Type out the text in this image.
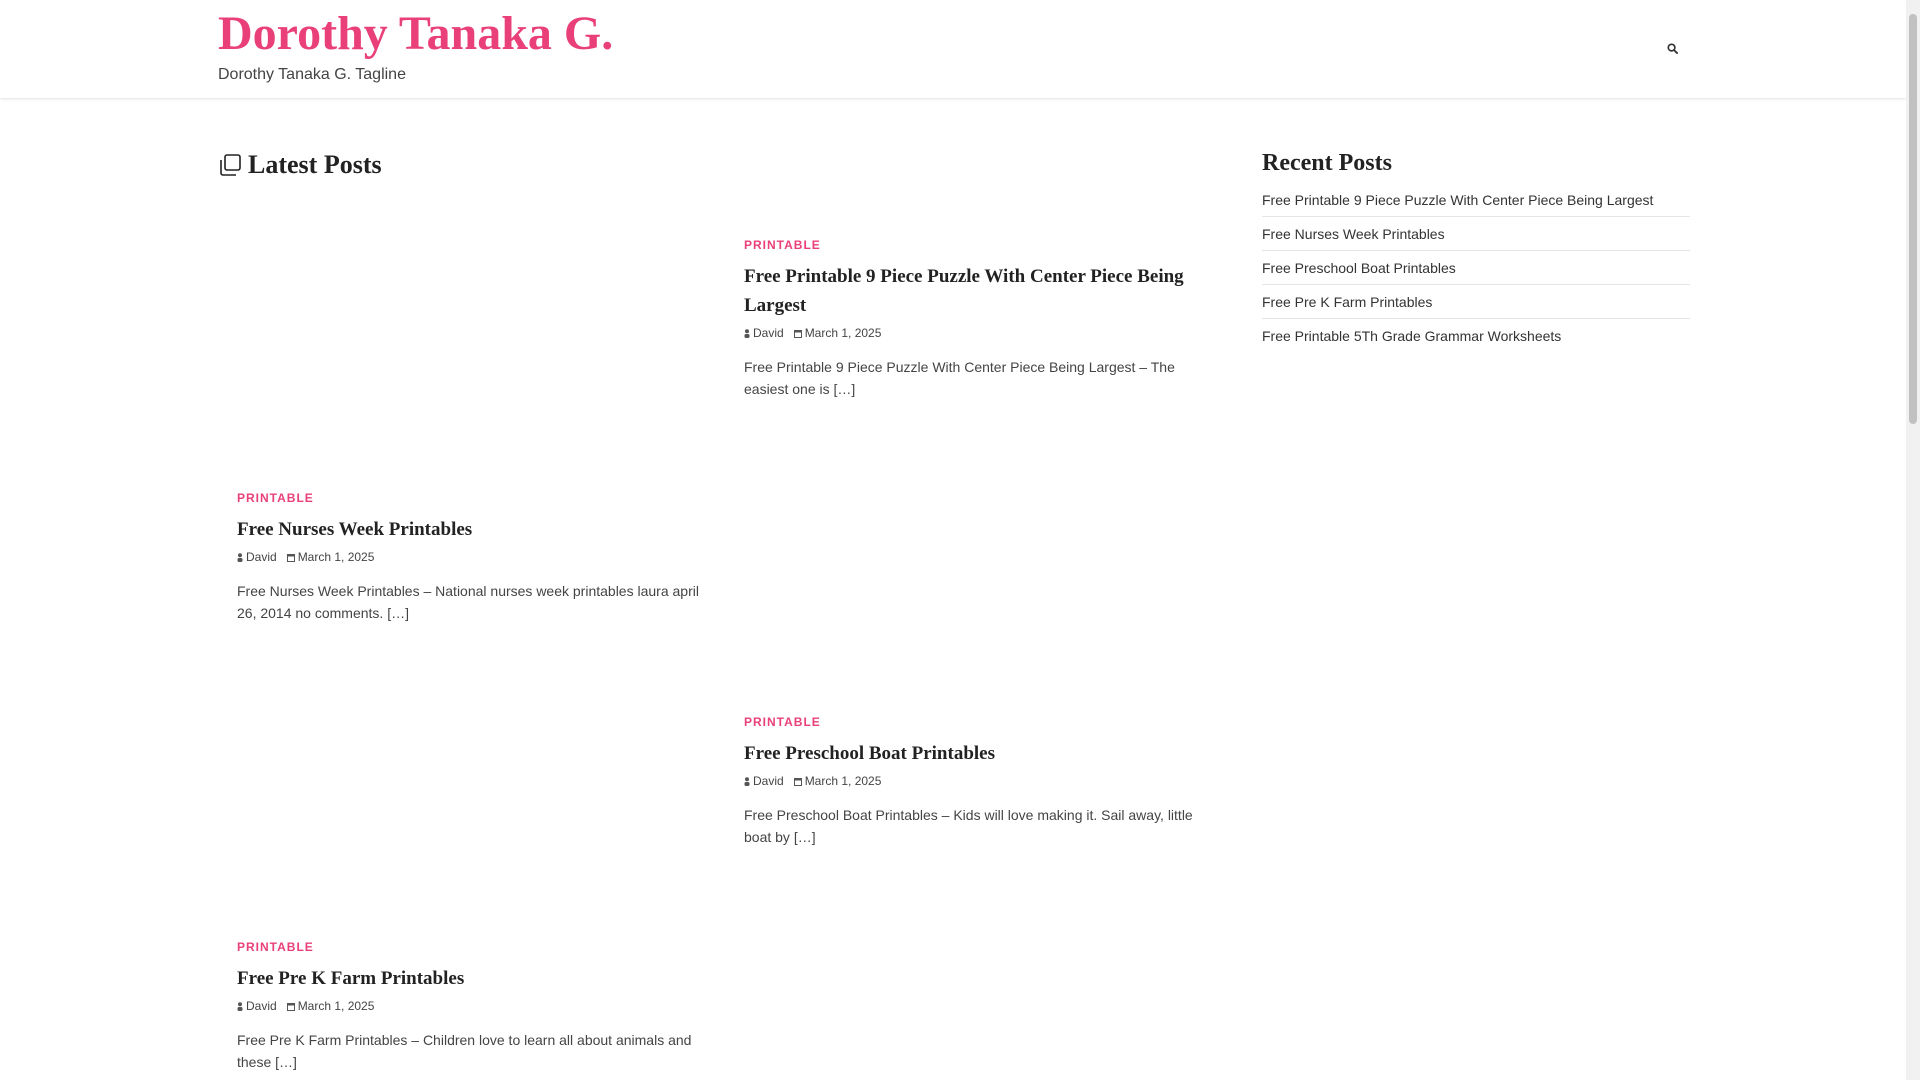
Dorothy Tanaka G.
Dorothy Tanaka G. Tagline
Latest Posts
PRINTABLE
Free Printable 9 Piece Puzzle With Center Piece Being Largest
David March 1, 2025

Free Printable 9 Piece Puzzle With Center Piece Being Largest – The easiest one is […]

PRINTABLE
Free Nurses Week Printables
David March 1, 2025

Free Nurses Week Printables – National nurses week printables laura april 26, 2014 no comments. […]

PRINTABLE
Free Preschool Boat Printables
David March 1, 2025

Free Preschool Boat Printables – Kids will love making it. Sail away, little boat by […]

PRINTABLE
Free Pre K Farm Printables
David March 1, 2025

Free Pre K Farm Printables – Children love to learn all about animals and these […]

Recent Posts
Free Printable 9 Piece Puzzle With Center Piece Being Largest
Free Nurses Week Printables
Free Preschool Boat Printables
Free Pre K Farm Printables
Free Printable 5Th Grade Grammar Worksheets
